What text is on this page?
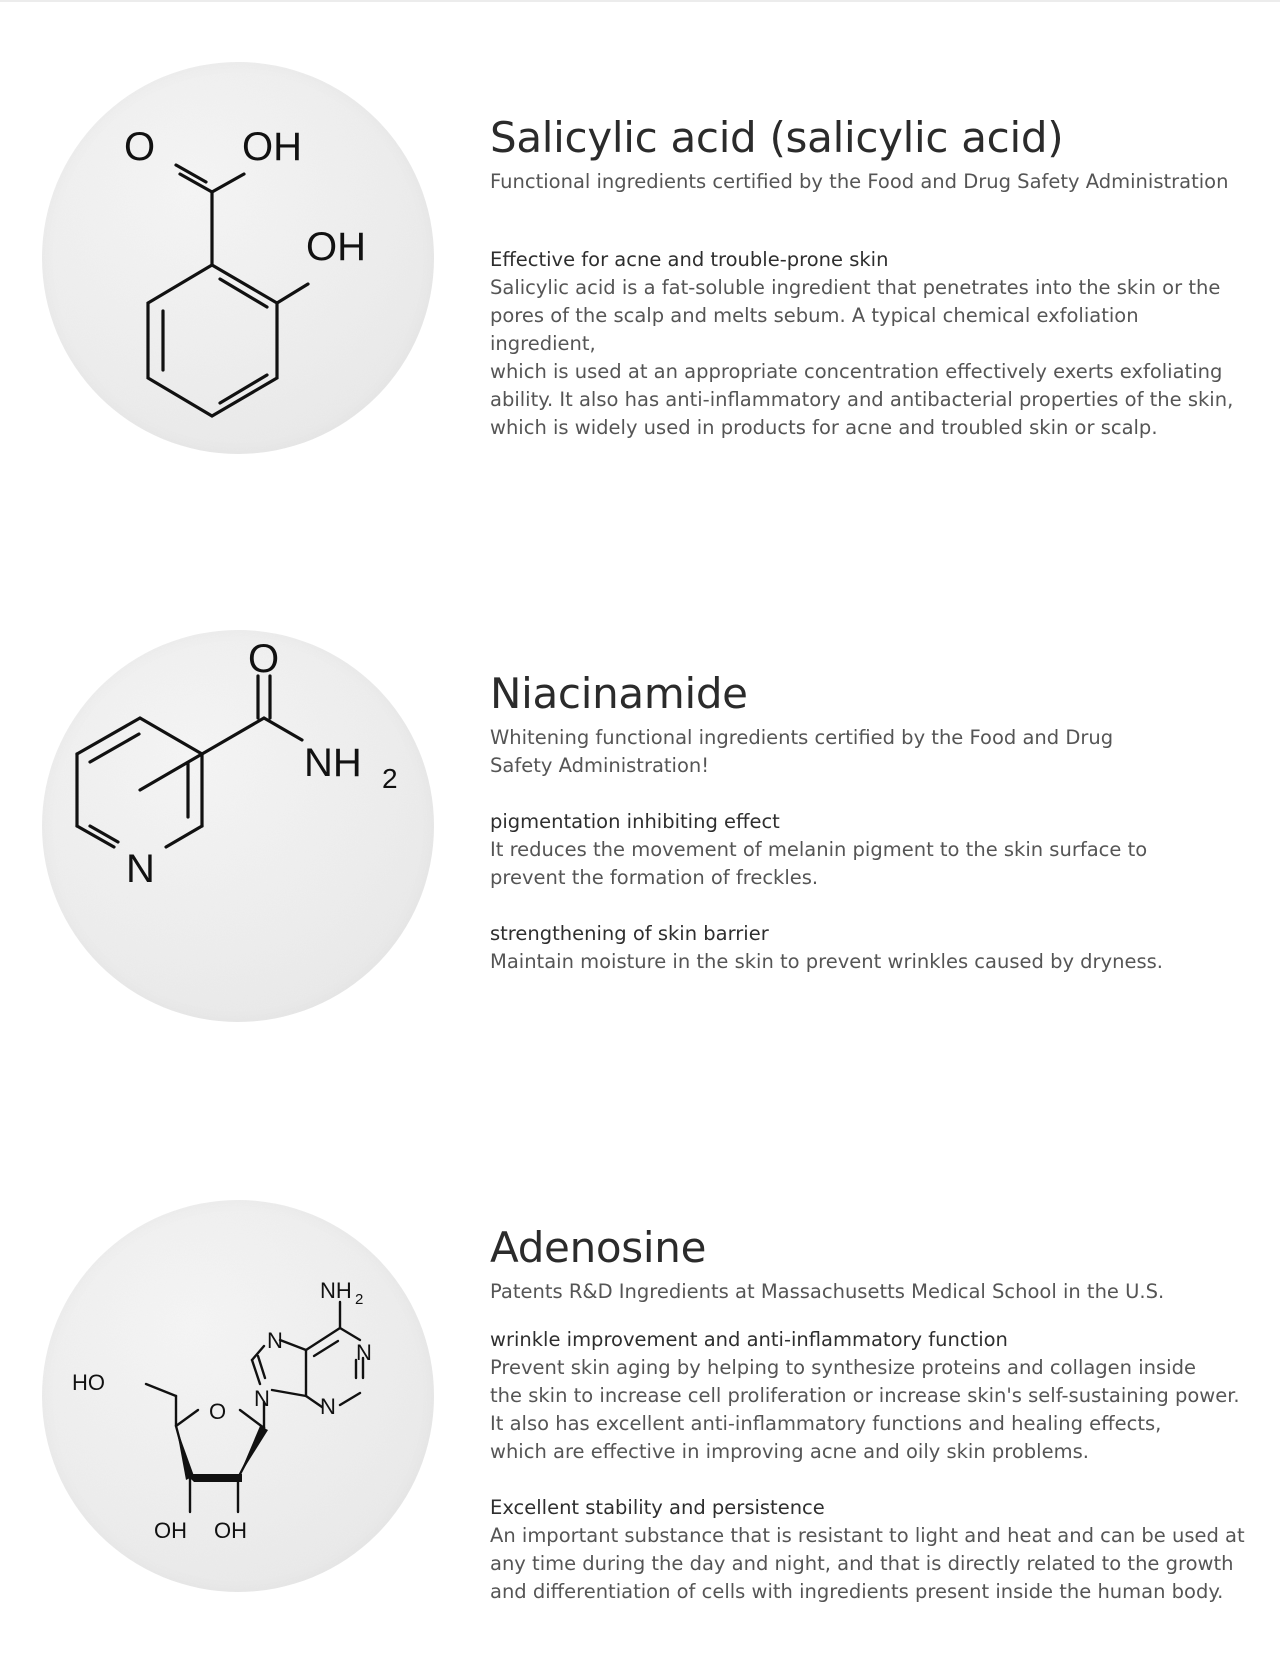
O OH
OH
Salicylic acid (salicylic acid)

Functional ingredients certified by the Food and Drug Safety Administration

Effective for acne and trouble-prone skin

Salicylic acid is a fat-soluble ingredient that penetrates into the skin or the
pores of the scalp and melts sebum. A typical chemical exfoliation ingredient,
which is used at an appropriate concentration effectively exerts exfoliating
ability. It also has anti-inflammatory and antibacterial properties of the skin,
which is widely used in products for acne and troubled skin or scalp.

O
NH 2
N
Niacinamide

Whitening functional ingredients certified by the Food and Drug
Safety Administration!

pigmentation inhibiting effect

It reduces the movement of melanin pigment to the skin surface to
prevent the formation of freckles.

strengthening of skin barrier

Maintain moisture in the skin to prevent wrinkles caused by dryness.

NH 2
N	N
N N
HO
O
OH OH
Adenosine

Patents R&D Ingredients at Massachusetts Medical School in the U.S.

wrinkle improvement and anti-inflammatory function

Prevent skin aging by helping to synthesize proteins and collagen inside
the skin to increase cell proliferation or increase skin's self-sustaining power.
It also has excellent anti-inflammatory functions and healing effects,
which are effective in improving acne and oily skin problems.

Excellent stability and persistence

An important substance that is resistant to light and heat and can be used at
any time during the day and night, and that is directly related to the growth
and differentiation of cells with ingredients present inside the human body.
